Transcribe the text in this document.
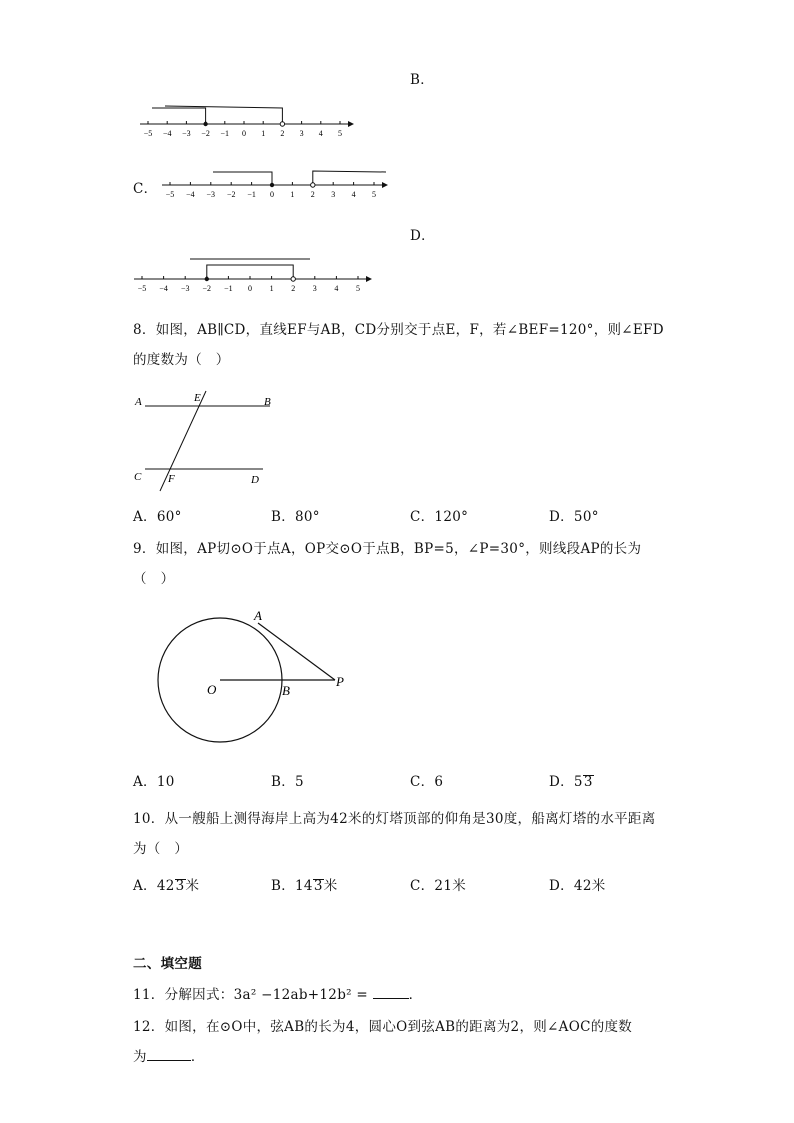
B．
−5 −4 −3 −2 −1 0 1 2 3 4 5
C． −5 −4 −3 −2 −1 0 1 2 3 4 5
D．
−5 −4 −3 −2 −1 0 1 2 3 4 5
8．如图，AB∥CD，直线EF与AB，CD分别交于点E，F，若∠BEF=120°，则∠EFD
的度数为（　）
A	E	B
C F	D
A．60°	B．80°	C．120°	D．50°
9．如图，AP切⊙O于点A，OP交⊙O于点B，BP=5，∠P=30°，则线段AP的长为
（　）
A
O	B
P
A．10	B．5	C．6	D．53
10．从一艘船上测得海岸上高为42米的灯塔顶部的仰角是30度，船离灯塔的水平距离
为（　）
A．423米	B．143米	C．21米	D．42米
二、填空题
11．分解因式：3a² −12ab+12b² =	．
12．如图，在⊙O中，弦AB的长为4，圆心O到弦AB的距离为2，则∠AOC的度数
为	．
